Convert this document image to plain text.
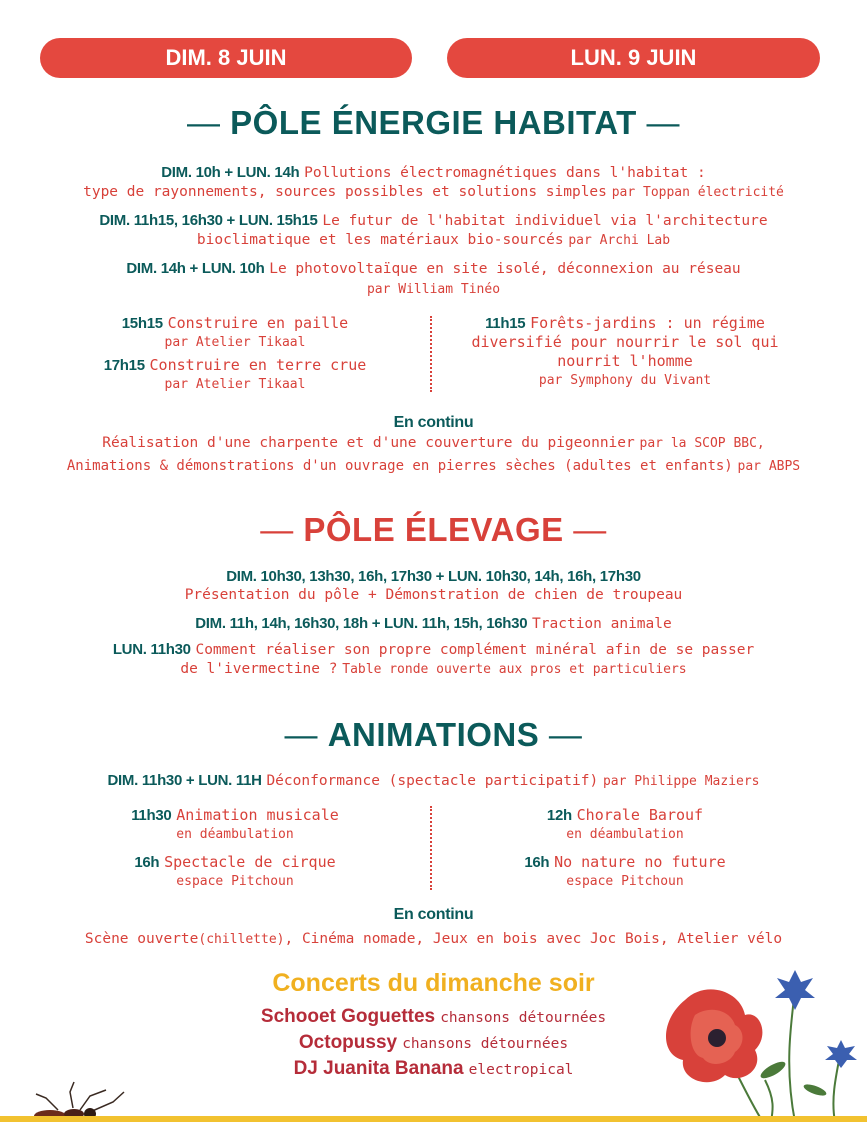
DIM. 8 JUIN	LUN. 9 JUIN
— PÔLE ÉNERGIE HABITAT —
DIM. 10h + LUN. 14h Pollutions électromagnétiques dans l'habitat :
type de rayonnements, sources possibles et solutions simples par Toppan électricité
DIM. 11h15, 16h30 + LUN. 15h15 Le futur de l'habitat individuel via l'architecture
bioclimatique et les matériaux bio-sourcés par Archi Lab
DIM. 14h + LUN. 10h Le photovoltaïque en site isolé, déconnexion au réseau
par William Tinéo
15h15 Construire en paille
par Atelier Tikaal
17h15 Construire en terre crue
par Atelier Tikaal
11h15 Forêts-jardins : un régime
diversifié pour nourrir le sol qui
nourrit l'homme
par Symphony du Vivant
En continu
Réalisation d'une charpente et d'une couverture du pigeonnier par la SCOP BBC,
Animations & démonstrations d'un ouvrage en pierres sèches (adultes et enfants) par ABPS
— PÔLE ÉLEVAGE —
DIM. 10h30, 13h30, 16h, 17h30 + LUN. 10h30, 14h, 16h, 17h30
Présentation du pôle + Démonstration de chien de troupeau
DIM. 11h, 14h, 16h30, 18h + LUN. 11h, 15h, 16h30 Traction animale
LUN. 11h30 Comment réaliser son propre complément minéral afin de se passer
de l'ivermectine ? Table ronde ouverte aux pros et particuliers
— ANIMATIONS —
DIM. 11h30 + LUN. 11H Déconformance (spectacle participatif) par Philippe Maziers
11h30 Animation musicale
en déambulation
16h Spectacle de cirque
espace Pitchoun
12h Chorale Barouf
en déambulation
16h No nature no future
espace Pitchoun
En continu
Scène ouverte(chillette), Cinéma nomade, Jeux en bois avec Joc Bois, Atelier vélo
Concerts du dimanche soir
Schooet Goguettes chansons détournées
Octopussy chansons détournées
DJ Juanita Banana electropical
